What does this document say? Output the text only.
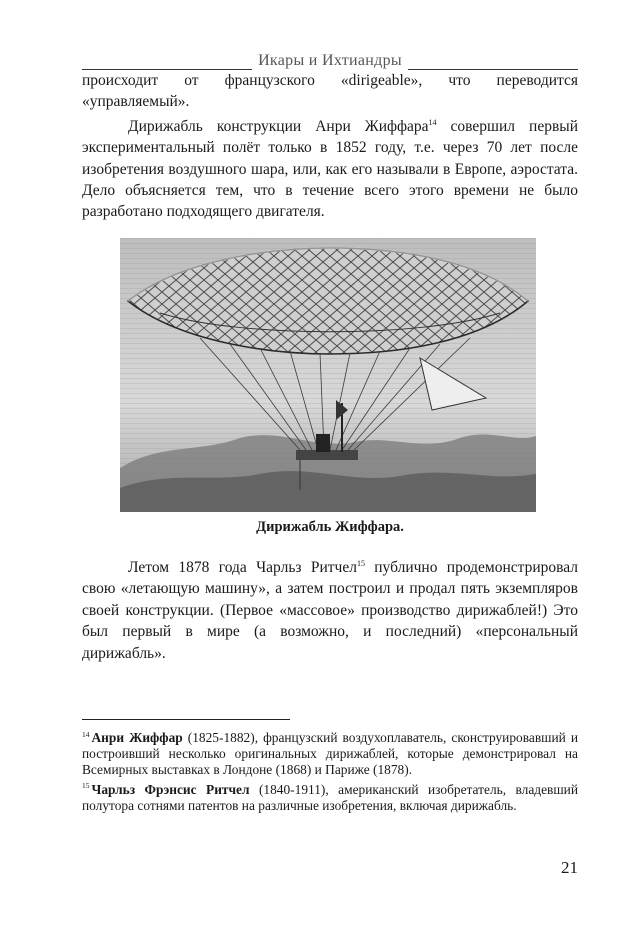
Икары и Ихтиандры

происходит от французского «dirigeable», что переводится «управляемый».

Дирижабль конструкции Анри Жиффара$^{14}$ совершил первый экспериментальный полёт только в 1852 году, т.е. через 70 лет после изобретения воздушного шара, или, как его называли в Европе, аэростата. Дело объясняется тем, что в течение всего этого времени не было разработано подходящего двигателя.

Дирижабль Жиффара.

Летом 1878 года Чарльз Ритчел$^{15}$ публично продемонстрировал свою «летающую машину», а затем построил и продал пять экземпляров своей конструкции. (Первое «массовое» производство дирижаблей!) Это был первый в мире (а возможно, и последний) «персональный дирижабль».

$^{14}$ Анри Жиффар (1825-1882), французский воздухоплаватель, сконструировавший и построивший несколько оригинальных дирижаблей, которые демонстрировал на Всемирных выставках в Лондоне (1868) и Париже (1878).

$^{15}$ Чарльз Фрэнсис Ритчел (1840-1911), американский изобретатель, владевший полутора сотнями патентов на различные изобретения, включая дирижабль.

21
